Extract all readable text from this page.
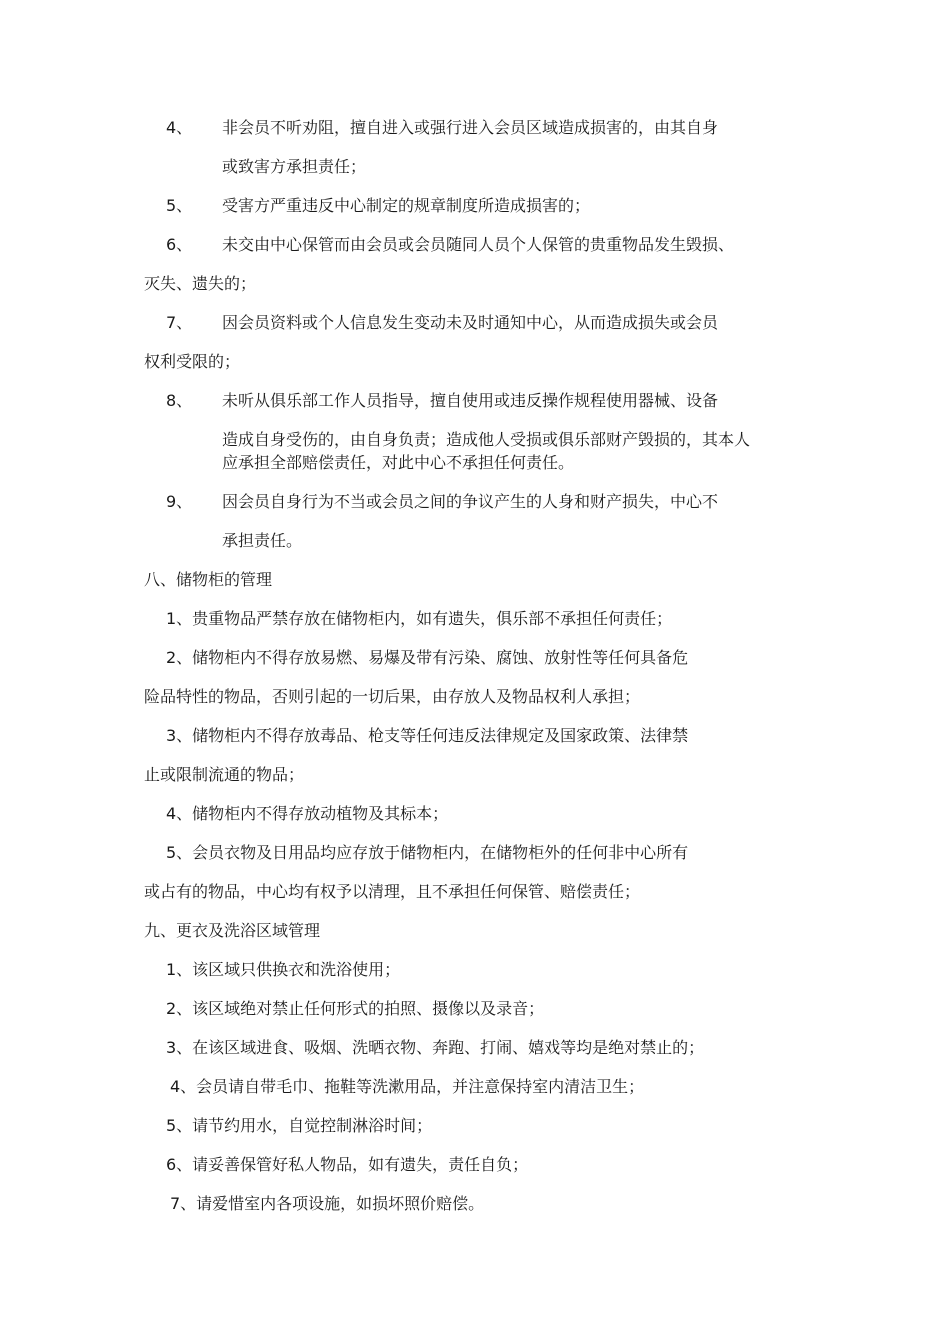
4、 非会员不听劝阻，擅自进入或强行进入会员区域造成损害的，由其自身
或致害方承担责任；
5、 受害方严重违反中心制定的规章制度所造成损害的；
6、 未交由中心保管而由会员或会员随同人员个人保管的贵重物品发生毁损、
灭失、遗失的；
7、 因会员资料或个人信息发生变动未及时通知中心，从而造成损失或会员
权利受限的；
8、 未听从俱乐部工作人员指导，擅自使用或违反操作规程使用器械、设备
造成自身受伤的，由自身负责；造成他人受损或俱乐部财产毁损的，其本人
应承担全部赔偿责任，对此中心不承担任何责任。
9、 因会员自身行为不当或会员之间的争议产生的人身和财产损失，中心不
承担责任。
八、储物柜的管理
1、贵重物品严禁存放在储物柜内，如有遗失，俱乐部不承担任何责任；
2、储物柜内不得存放易燃、易爆及带有污染、腐蚀、放射性等任何具备危
险品特性的物品，否则引起的一切后果，由存放人及物品权利人承担；
3、储物柜内不得存放毒品、枪支等任何违反法律规定及国家政策、法律禁
止或限制流通的物品；
4、储物柜内不得存放动植物及其标本；
5、会员衣物及日用品均应存放于储物柜内，在储物柜外的任何非中心所有
或占有的物品，中心均有权予以清理，且不承担任何保管、赔偿责任；
九、更衣及洗浴区域管理
1、该区域只供换衣和洗浴使用；
2、该区域绝对禁止任何形式的拍照、摄像以及录音；
3、在该区域进食、吸烟、洗晒衣物、奔跑、打闹、嬉戏等均是绝对禁止的；
4、会员请自带毛巾、拖鞋等洗漱用品，并注意保持室内清洁卫生；
5、请节约用水，自觉控制淋浴时间；
6、请妥善保管好私人物品，如有遗失，责任自负；
7、请爱惜室内各项设施，如损坏照价赔偿。
